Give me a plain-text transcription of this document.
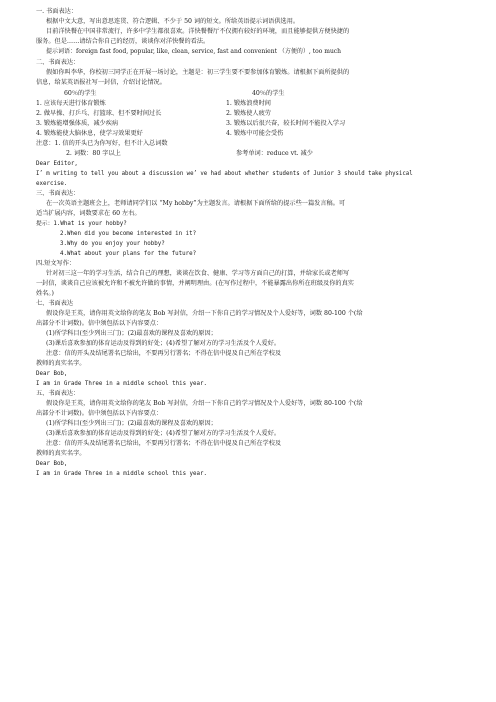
一. 书面表达：
根据中文大意，写出意思连贯、符合逻辑、不少于 50 词的短文。所给英语提示词语供选用。
目前洋快餐在中国非常流行，许多中学生都很喜欢。洋快餐餐厅不仅拥有较好的环境，而且能够提供方便快捷的
服务。但是……请结合你自己的经历，谈谈你对洋快餐的看法。
提示词语：foreign fast food, popular, like, clean, service, fast and convenient （方便的）, too much
二、书面表达：
假如你叫李华，你校初三同学正在开展一场讨论，主题是：初三学生要不要参加体育锻炼。请根据下面所提供的
信息，给某英语报社写一封信，介绍讨论情况。
60％的学生	40％的学生
1. 应该每天进行体育锻炼	1. 锻炼浪费时间
2. 做早操、打乒乓、打篮球、但不要时间过长	2. 锻炼使人疲劳
3. 锻炼能增强体质，减少疾病	3. 锻炼以后很兴奋，较长时间不能投入学习
4. 锻炼能使大脑休息，使学习效果更好	4. 锻炼中可能会受伤
注意：1. 信的开头已为你写好，但不计入总词数
2. 词数：80 字以上	参考单词：reduce vt. 减少
Dear Editor,
I’ m writing to tell you about a discussion we’ ve had about whether students of Junior 3 should take physical
exercise.
三、书面表达：
在一次英语主题班会上，老师请同学们以 “My hobby”为主题发言。请根据下面所给的提示些一篇发言稿。可
适当扩展内容，词数要求在 60 左右。
提示：1.What is your hobby?
2.When did you become interested in it?
3.Why do you enjoy your hobby?
4.What about your plans for the future?
四.短文写作：
针对初三这一年的学习生活，结合自己的理想，谈谈在饮食、健康、学习等方面自己的打算，并给家长或老师写
一封信，谈谈自己应该被允许和不被允许做的事情，并阐明理由。(在写作过程中，不能暴露出你所在班级及你的真实
姓名。)
七、书面表达
假设你是王英，请你用英文给你的笔友 Bob 写封信，介绍一下你自己的学习情况及个人爱好等，词数 80-100 个(给
出部分不计词数)。信中须包括以下内容要点：
(1)所学科目(至少列出三门)；(2)最喜欢的课程及喜欢的原因；
(3)课后喜欢参加的体育运动及得到的好处；(4)希望了解对方的学习生活及个人爱好。
注意：信的开头及结尾署名已给出，不要再另行署名；不得在信中提及自己所在学校及
教师的真实名字。
Dear Bob,
I am in Grade Three in a middle school this year.
五、书面表达：
假设你是王英，请你用英文给你的笔友 Bob 写封信，介绍一下你自己的学习情况及个人爱好等，词数 80-100 个(给
出部分不计词数)。信中须包括以下内容要点：
(1)所学科目(至少列出三门)；(2)最喜欢的课程及喜欢的原因；
(3)课后喜欢参加的体育运动及得到的好处；(4)希望了解对方的学习生活及个人爱好。
注意：信的开头及结尾署名已给出，不要再另行署名；不得在信中提及自己所在学校及
教师的真实名字。
Dear Bob,
I am in Grade Three in a middle school this year.
